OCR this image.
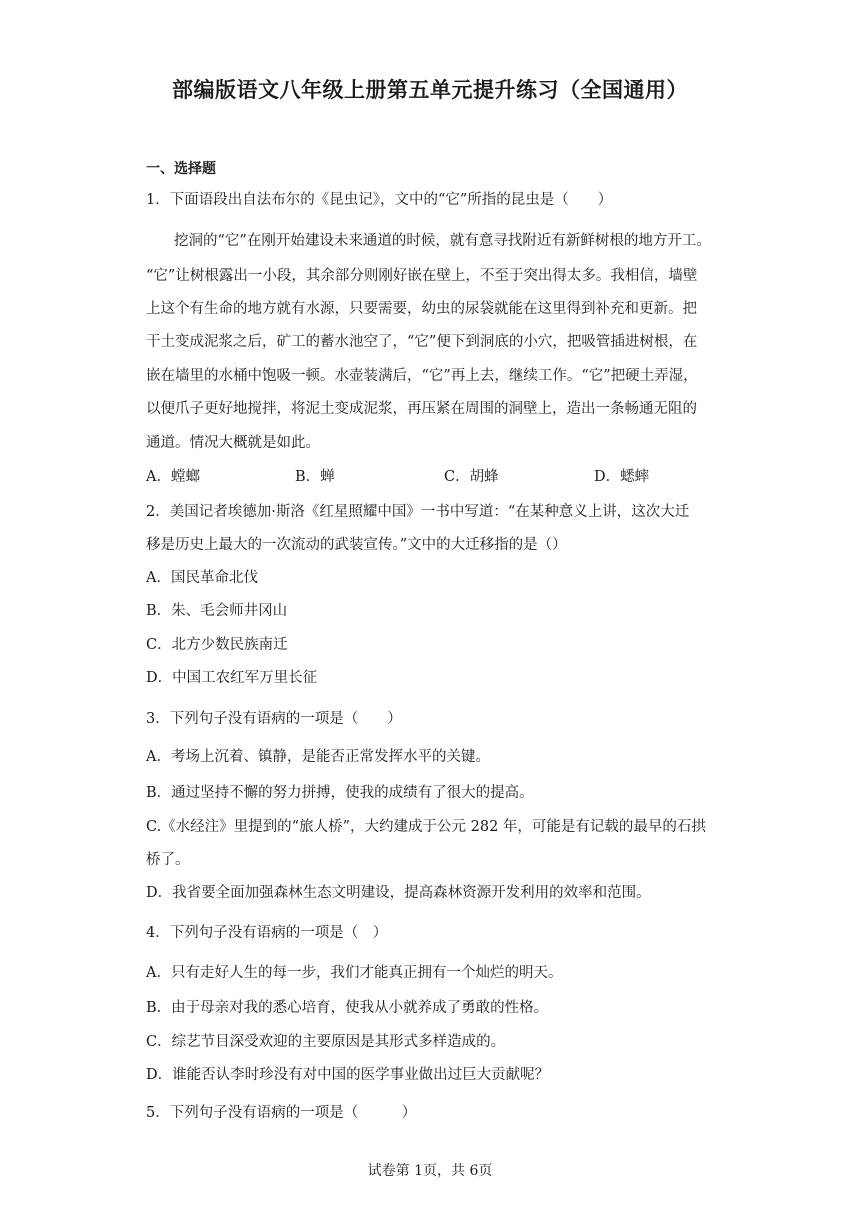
部编版语文八年级上册第五单元提升练习（全国通用）
一、选择题
1．下面语段出自法布尔的《昆虫记》，文中的“它”所指的昆虫是（　　）
挖洞的“它”在刚开始建设未来通道的时候，就有意寻找附近有新鲜树根的地方开工。
“它”让树根露出一小段，其余部分则刚好嵌在壁上，不至于突出得太多。我相信，墙壁
上这个有生命的地方就有水源，只要需要，幼虫的尿袋就能在这里得到补充和更新。把
干土变成泥浆之后，矿工的蓄水池空了，“它”便下到洞底的小穴，把吸管插进树根，在
嵌在墙里的水桶中饱吸一顿。水壶装满后，“它”再上去，继续工作。“它”把硬土弄湿，
以便爪子更好地搅拌，将泥土变成泥浆，再压紧在周围的洞壁上，造出一条畅通无阻的
通道。情况大概就是如此。
A．螳螂	B．蝉	C．胡蜂	D．蟋蟀
2．美国记者埃德加·斯洛《红星照耀中国》一书中写道：“在某种意义上讲，这次大迁
移是历史上最大的一次流动的武装宣传。”文中的大迁移指的是（）
A．国民革命北伐
B．朱、毛会师井冈山
C．北方少数民族南迁
D．中国工农红军万里长征
3．下列句子没有语病的一项是（　　）
A．考场上沉着、镇静，是能否正常发挥水平的关键。
B．通过坚持不懈的努力拼搏，使我的成绩有了很大的提高。
C.《水经注》里提到的“旅人桥”，大约建成于公元 282 年，可能是有记载的最早的石拱
桥了。
D．我省要全面加强森林生态文明建设，提高森林资源开发利用的效率和范围。
4．下列句子没有语病的一项是（　）
A．只有走好人生的每一步，我们才能真正拥有一个灿烂的明天。
B．由于母亲对我的悉心培育，使我从小就养成了勇敢的性格。
C．综艺节目深受欢迎的主要原因是其形式多样造成的。
D．谁能否认李时珍没有对中国的医学事业做出过巨大贡献呢？
5．下列句子没有语病的一项是（　　　）
试卷第 1页，共 6页
